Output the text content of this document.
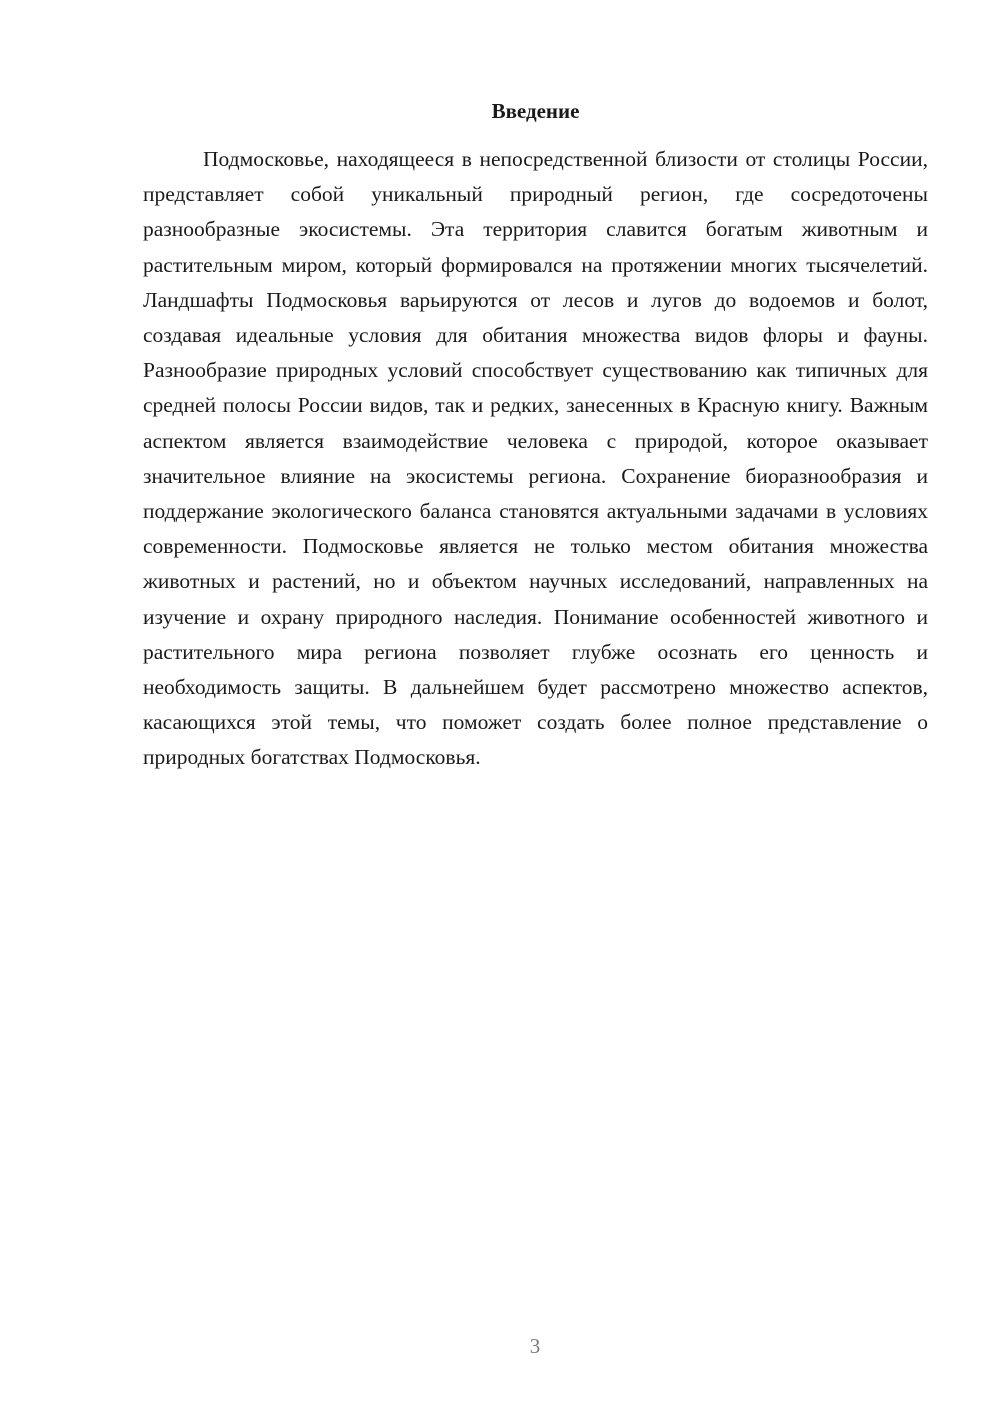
Введение

Подмосковье, находящееся в непосредственной близости от столицы России, представляет собой уникальный природный регион, где сосредоточены разнообразные экосистемы. Эта территория славится богатым животным и растительным миром, который формировался на протяжении многих тысячелетий. Ландшафты Подмосковья варьируются от лесов и лугов до водоемов и болот, создавая идеальные условия для обитания множества видов флоры и фауны. Разнообразие природных условий способствует существованию как типичных для средней полосы России видов, так и редких, занесенных в Красную книгу. Важным аспектом является взаимодействие человека с природой, которое оказывает значительное влияние на экосистемы региона. Сохранение биоразнообразия и поддержание экологического баланса становятся актуальными задачами в условиях современности. Подмосковье является не только местом обитания множества животных и растений, но и объектом научных исследований, направленных на изучение и охрану природного наследия. Понимание особенностей животного и растительного мира региона позволяет глубже осознать его ценность и необходимость защиты. В дальнейшем будет рассмотрено множество аспектов, касающихся этой темы, что поможет создать более полное представление о природных богатствах Подмосковья.

3
